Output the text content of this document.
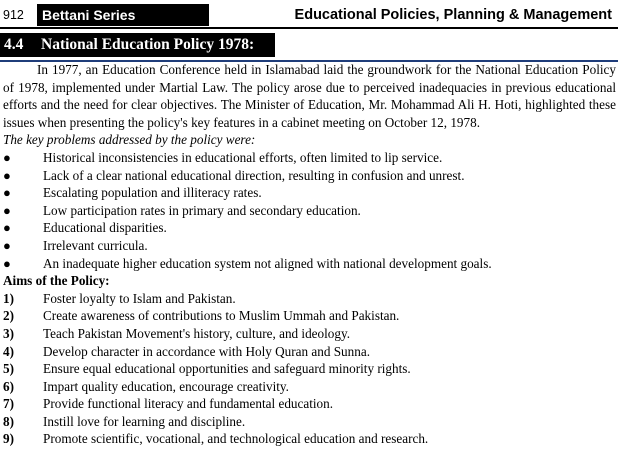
912	Bettani Series	Educational Policies, Planning & Management
4.4 National Education Policy 1978:

In 1977, an Education Conference held in Islamabad laid the groundwork for the National Education Policy of 1978, implemented under Martial Law. The policy arose due to perceived inadequacies in previous educational efforts and the need for clear objectives. The Minister of Education, Mr. Mohammad Ali H. Hoti, highlighted these issues when presenting the policy's key features in a cabinet meeting on October 12, 1978.

The key problems addressed by the policy were:

●	Historical inconsistencies in educational efforts, often limited to lip service.
●	Lack of a clear national educational direction, resulting in confusion and unrest.
●	Escalating population and illiteracy rates.
●	Low participation rates in primary and secondary education.
●	Educational disparities.
●	Irrelevant curricula.
●	An inadequate higher education system not aligned with national development goals.

Aims of the Policy:

1)	Foster loyalty to Islam and Pakistan.
2)	Create awareness of contributions to Muslim Ummah and Pakistan.
3)	Teach Pakistan Movement's history, culture, and ideology.
4)	Develop character in accordance with Holy Quran and Sunna.
5)	Ensure equal educational opportunities and safeguard minority rights.
6)	Impart quality education, encourage creativity.
7)	Provide functional literacy and fundamental education.
8)	Instill love for learning and discipline.
9)	Promote scientific, vocational, and technological education and research.
